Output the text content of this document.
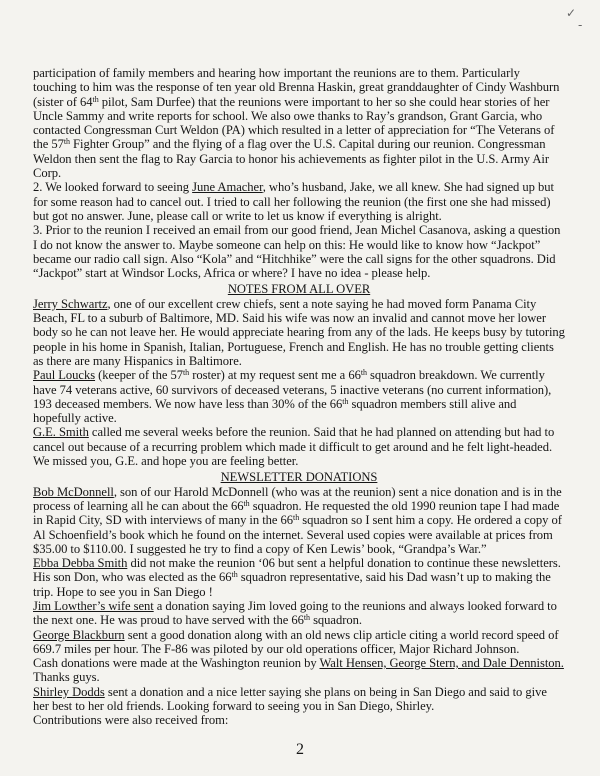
✓
-

participation of family members and hearing how important the reunions are to them. Particularly touching to him was the response of ten year old Brenna Haskin, great granddaughter of Cindy Washburn (sister of 64th pilot, Sam Durfee) that the reunions were important to her so she could hear stories of her Uncle Sammy and write reports for school. We also owe thanks to Ray’s grandson, Grant Garcia, who contacted Congressman Curt Weldon (PA) which resulted in a letter of appreciation for “The Veterans of the 57th Fighter Group” and the flying of a flag over the U.S. Capital during our reunion. Congressman Weldon then sent the flag to Ray Garcia to honor his achievements as fighter pilot in the U.S. Army Air Corp.

2. We looked forward to seeing June Amacher, who’s husband, Jake, we all knew. She had signed up but for some reason had to cancel out. I tried to call her following the reunion (the first one she had missed) but got no answer. June, please call or write to let us know if everything is alright.

3. Prior to the reunion I received an email from our good friend, Jean Michel Casanova, asking a question I do not know the answer to. Maybe someone can help on this: He would like to know how “Jackpot” became our radio call sign. Also “Kola” and “Hitchhike” were the call signs for the other squadrons. Did “Jackpot” start at Windsor Locks, Africa or where? I have no idea - please help.

NOTES FROM ALL OVER

Jerry Schwartz, one of our excellent crew chiefs, sent a note saying he had moved form Panama City Beach, FL to a suburb of Baltimore, MD. Said his wife was now an invalid and cannot move her lower body so he can not leave her. He would appreciate hearing from any of the lads. He keeps busy by tutoring people in his home in Spanish, Italian, Portuguese, French and English. He has no trouble getting clients as there are many Hispanics in Baltimore.

Paul Loucks (keeper of the 57th roster) at my request sent me a 66th squadron breakdown. We currently have 74 veterans active, 60 survivors of deceased veterans, 5 inactive veterans (no current information), 193 deceased members. We now have less than 30% of the 66th squadron members still alive and hopefully active.

G.E. Smith called me several weeks before the reunion. Said that he had planned on attending but had to cancel out because of a recurring problem which made it difficult to get around and he felt light-headed. We missed you, G.E. and hope you are feeling better.

NEWSLETTER DONATIONS

Bob McDonnell, son of our Harold McDonnell (who was at the reunion) sent a nice donation and is in the process of learning all he can about the 66th squadron. He requested the old 1990 reunion tape I had made in Rapid City, SD with interviews of many in the 66th squadron so I sent him a copy. He ordered a copy of Al Schoenfield’s book which he found on the internet. Several used copies were available at prices from $35.00 to $110.00. I suggested he try to find a copy of Ken Lewis’ book, “Grandpa’s War.”

Ebba Debba Smith did not make the reunion ‘06 but sent a helpful donation to continue these newsletters. His son Don, who was elected as the 66th squadron representative, said his Dad wasn’t up to making the trip. Hope to see you in San Diego !

Jim Lowther’s wife sent a donation saying Jim loved going to the reunions and always looked forward to the next one. He was proud to have served with the 66th squadron.

George Blackburn sent a good donation along with an old news clip article citing a world record speed of 669.7 miles per hour. The F-86 was piloted by our old operations officer, Major Richard Johnson.

Cash donations were made at the Washington reunion by Walt Hensen, George Stern, and Dale Denniston.

Thanks guys.

Shirley Dodds sent a donation and a nice letter saying she plans on being in San Diego and said to give her best to her old friends. Looking forward to seeing you in San Diego, Shirley.

Contributions were also received from:

2
